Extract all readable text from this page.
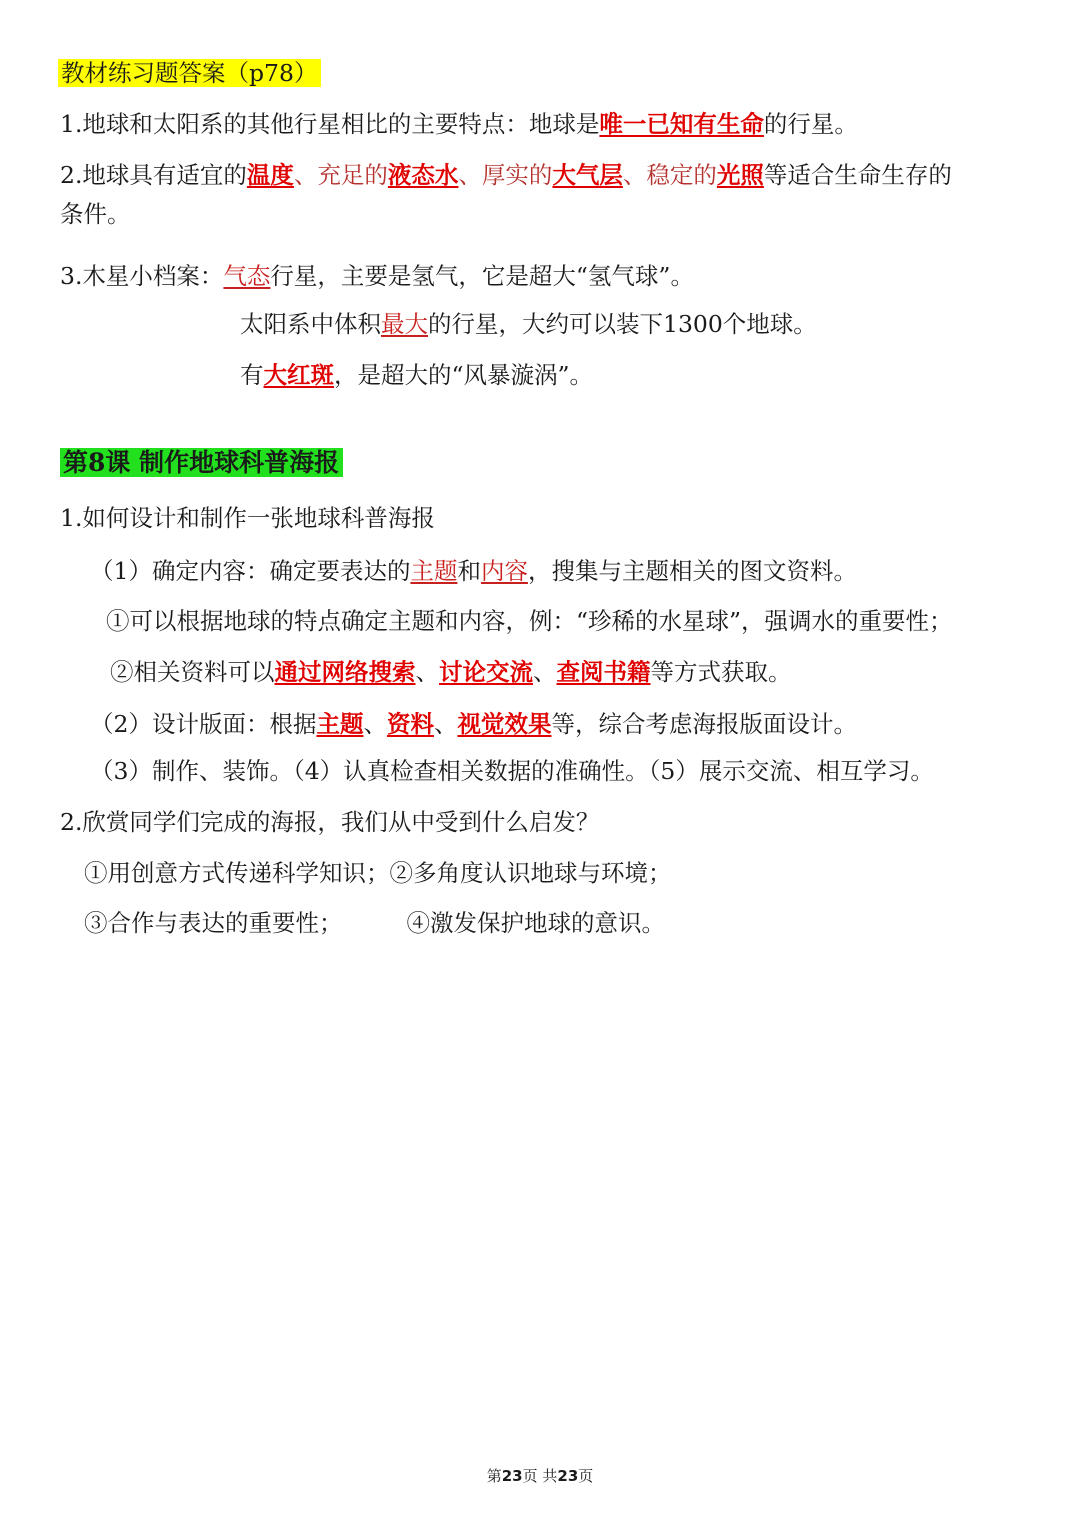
教材练习题答案（p78）
1.地球和太阳系的其他行星相比的主要特点：地球是唯一已知有生命的行星。
2.地球具有适宜的温度、充足的液态水、厚实的大气层、稳定的光照等适合生命生存的
条件。
3.木星小档案：气态行星，主要是氢气，它是超大“氢气球”。
太阳系中体积最大的行星，大约可以装下1300个地球。
有大红斑，是超大的“风暴漩涡”。
第8课 制作地球科普海报
1.如何设计和制作一张地球科普海报
（1）确定内容：确定要表达的主题和内容，搜集与主题相关的图文资料。
①可以根据地球的特点确定主题和内容，例：“珍稀的水星球”，强调水的重要性；
②相关资料可以通过网络搜索、讨论交流、查阅书籍等方式获取。
（2）设计版面：根据主题、资料、视觉效果等，综合考虑海报版面设计。
（3）制作、装饰。（4）认真检查相关数据的准确性。（5）展示交流、相互学习。
2.欣赏同学们完成的海报，我们从中受到什么启发？
①用创意方式传递科学知识；②多角度认识地球与环境；
③合作与表达的重要性；	④激发保护地球的意识。
第23页 共23页
